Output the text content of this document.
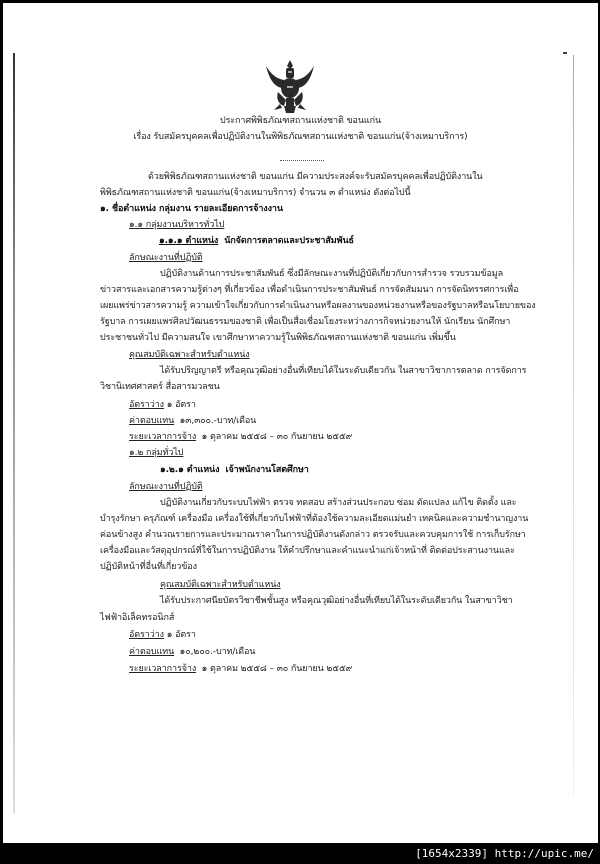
ประกาศพิพิธภัณฑสถานแห่งชาติ ขอนแก่น
เรื่อง รับสมัครบุคคลเพื่อปฏิบัติงานในพิพิธภัณฑสถานแห่งชาติ ขอนแก่น(จ้างเหมาบริการ)
ด้วยพิพิธภัณฑสถานแห่งชาติ ขอนแก่น มีความประสงค์จะรับสมัครบุคคลเพื่อปฏิบัติงานใน
พิพิธภัณฑสถานแห่งชาติ ขอนแก่น(จ้างเหมาบริการ) จำนวน ๓ ตำแหน่ง ดังต่อไปนี้
๑. ชื่อตำแหน่ง กลุ่มงาน รายละเอียดการจ้างงาน
๑.๑ กลุ่มงานบริหารทั่วไป
๑.๑.๑ ตำแหน่ง นักจัดการตลาดและประชาสัมพันธ์
ลักษณะงานที่ปฏิบัติ
ปฏิบัติงานด้านการประชาสัมพันธ์ ซึ่งมีลักษณะงานที่ปฏิบัติเกี่ยวกับการสำรวจ รวบรวมข้อมูล
ข่าวสารและเอกสารความรู้ต่างๆ ที่เกี่ยวข้อง เพื่อดำเนินการประชาสัมพันธ์ การจัดสัมมนา การจัดนิทรรศการเพื่อ
เผยแพร่ข่าวสารความรู้ ความเข้าใจเกี่ยวกับการดำเนินงานหรือผลงานของหน่วยงานหรือของรัฐบาลหรือนโยบายของ
รัฐบาล การเผยแพร่ศิลปวัฒนธรรมของชาติ เพื่อเป็นสื่อเชื่อมโยงระหว่างภารกิจหน่วยงานให้ นักเรียน นักศึกษา
ประชาชนทั่วไป มีความสนใจ เขาศึกษาหาความรู้ในพิพิธภัณฑสถานแห่งชาติ ขอนแก่น เพิ่มขึ้น
คุณสมบัติเฉพาะสำหรับตำแหน่ง
ได้รับปริญญาตรี หรือคุณวุฒิอย่างอื่นที่เทียบได้ในระดับเดียวกัน ในสาขาวิชาการตลาด การจัดการ
วิชานิเทศศาสตร์ สื่อสารมวลชน
อัตราว่าง ๑ อัตรา
ค่าตอบแทน ๑๓,๓๐๐.-บาท/เดือน
ระยะเวลาการจ้าง ๑ ตุลาคม ๒๕๕๘ – ๓๐ กันยายน ๒๕๕๙
๑.๒ กลุ่มทั่วไป
๑.๒.๑ ตำแหน่ง เจ้าพนักงานโสตศึกษา
ลักษณะงานที่ปฏิบัติ
ปฏิบัติงานเกี่ยวกับระบบไฟฟ้า ตรวจ ทดสอบ สร้างส่วนประกอบ ซ่อม ดัดแปลง แก้ไข ติดตั้ง และ
บำรุงรักษา ครุภัณฑ์ เครื่องมือ เครื่องใช้ที่เกี่ยวกับไฟฟ้าที่ต้องใช้ความละเอียดแม่นยำ เทคนิคและความชำนาญงาน
ค่อนข้างสูง คำนวณรายการและประมาณราคาในการปฏิบัติงานดังกล่าว ตรวจรับและควบคุมการใช้ การเก็บรักษา
เครื่องมือและวัสดุอุปกรณ์ที่ใช้ในการปฏิบัติงาน ให้คำปรึกษาและคำแนะนำแก่เจ้าหน้าที่ ติดต่อประสานงานและ
ปฏิบัติหน้าที่อื่นที่เกี่ยวข้อง
คุณสมบัติเฉพาะสำหรับตำแหน่ง
ได้รับประกาศนียบัตรวิชาชีพชั้นสูง หรือคุณวุฒิอย่างอื่นที่เทียบได้ในระดับเดียวกัน ในสาขาวิชา
ไฟฟ้าอิเล็คทรอนิกส์
อัตราว่าง ๑ อัตรา
ค่าตอบแทน ๑๐,๒๐๐.-บาท/เดือน
ระยะเวลาการจ้าง ๑ ตุลาคม ๒๕๕๘ – ๓๐ กันยายน ๒๕๕๙
[1654x2339] http://upic.me/
